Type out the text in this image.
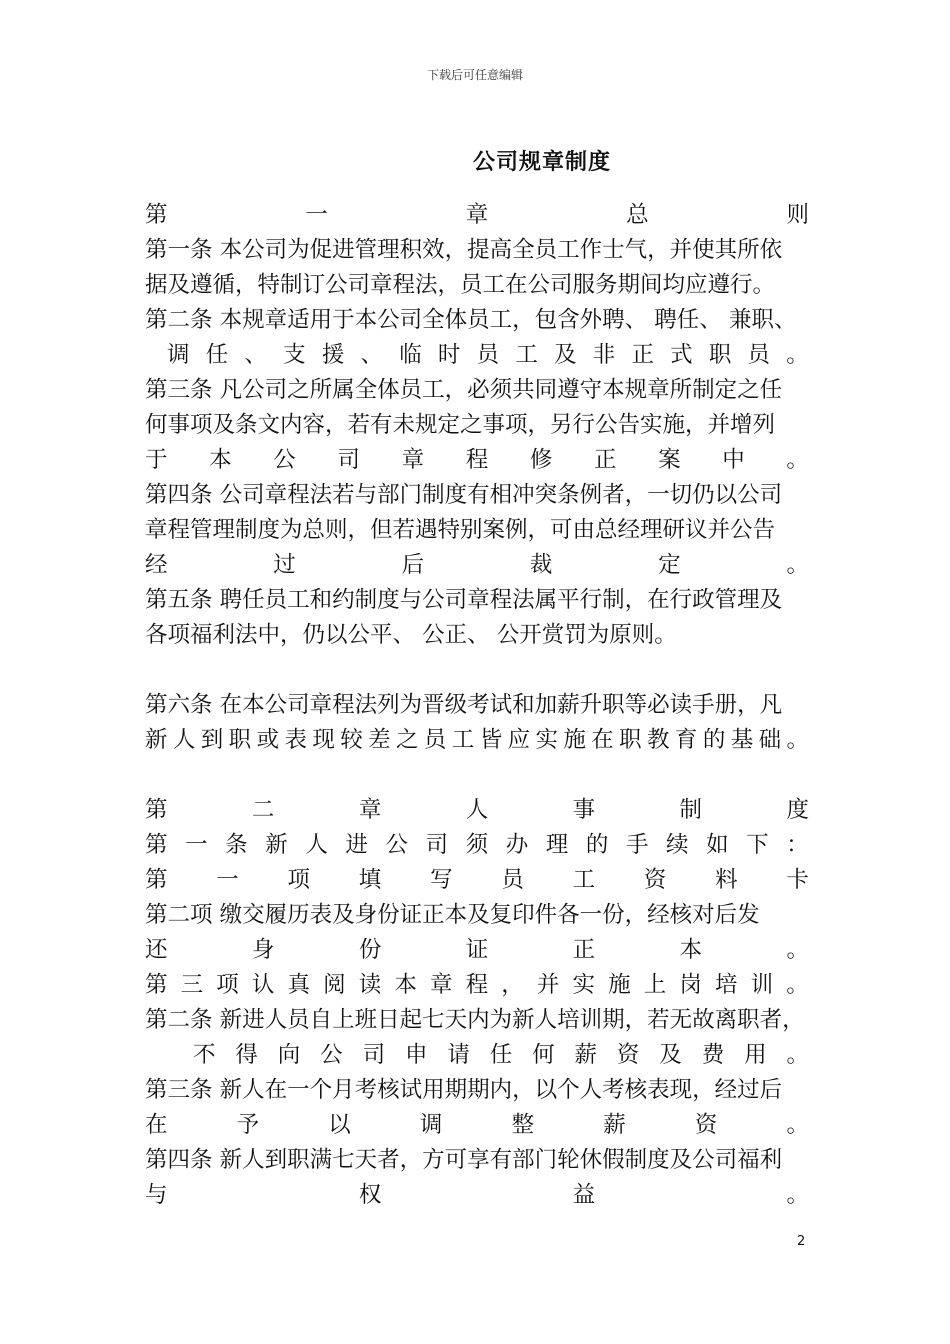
下载后可任意编辑
公司规章制度
第	一	章	总	则
第一条 本公司为促进管理积效，提高全员工作士气，并使其所依
据及遵循，特制订公司章程法，员工在公司服务期间均应遵行。
第二条 本规章适用于本公司全体员工，包含外聘、 聘任、 兼职、
调 任 、 支 援 、 临 时 员 工 及 非 正 式 职 员 。
第三条 凡公司之所属全体员工，必须共同遵守本规章所制定之任
何事项及条文内容，若有未规定之事项，另行公告实施，并增列
于 本 公 司 章 程 修 正 案 中 。
第四条 公司章程法若与部门制度有相冲突条例者，一切仍以公司
章程管理制度为总则，但若遇特别案例，可由总经理研议并公告
经	过	后	裁	定	。
第五条 聘任员工和约制度与公司章程法属平行制，在行政管理及
各项福利法中，仍以公平、 公正、 公开赏罚为原则。
第六条 在本公司章程法列为晋级考试和加薪升职等必读手册，凡
新 人 到 职 或 表 现 较 差 之 员 工 皆 应 实 施 在 职 教 育 的 基 础 。
第	二	章	人	事	制	度
第 一 条 新 人 进 公 司 须 办 理 的 手 续 如 下 ：
第 一 项 填 写 员 工 资 料 卡
第二项 缴交履历表及身份证正本及复印件各一份，经核对后发
还	身	份	证	正	本	。
第 三 项 认 真 阅 读 本 章 程 ， 并 实 施 上 岗 培 训 。
第二条 新进人员自上班日起七天内为新人培训期，若无故离职者，
不 得 向 公 司 申 请 任 何 薪 资 及 费 用 。
第三条 新人在一个月考核试用期期内，以个人考核表现，经过后
在	予	以	调	整	薪	资	。
第四条 新人到职满七天者，方可享有部门轮休假制度及公司福利
与	权	益	。
2
